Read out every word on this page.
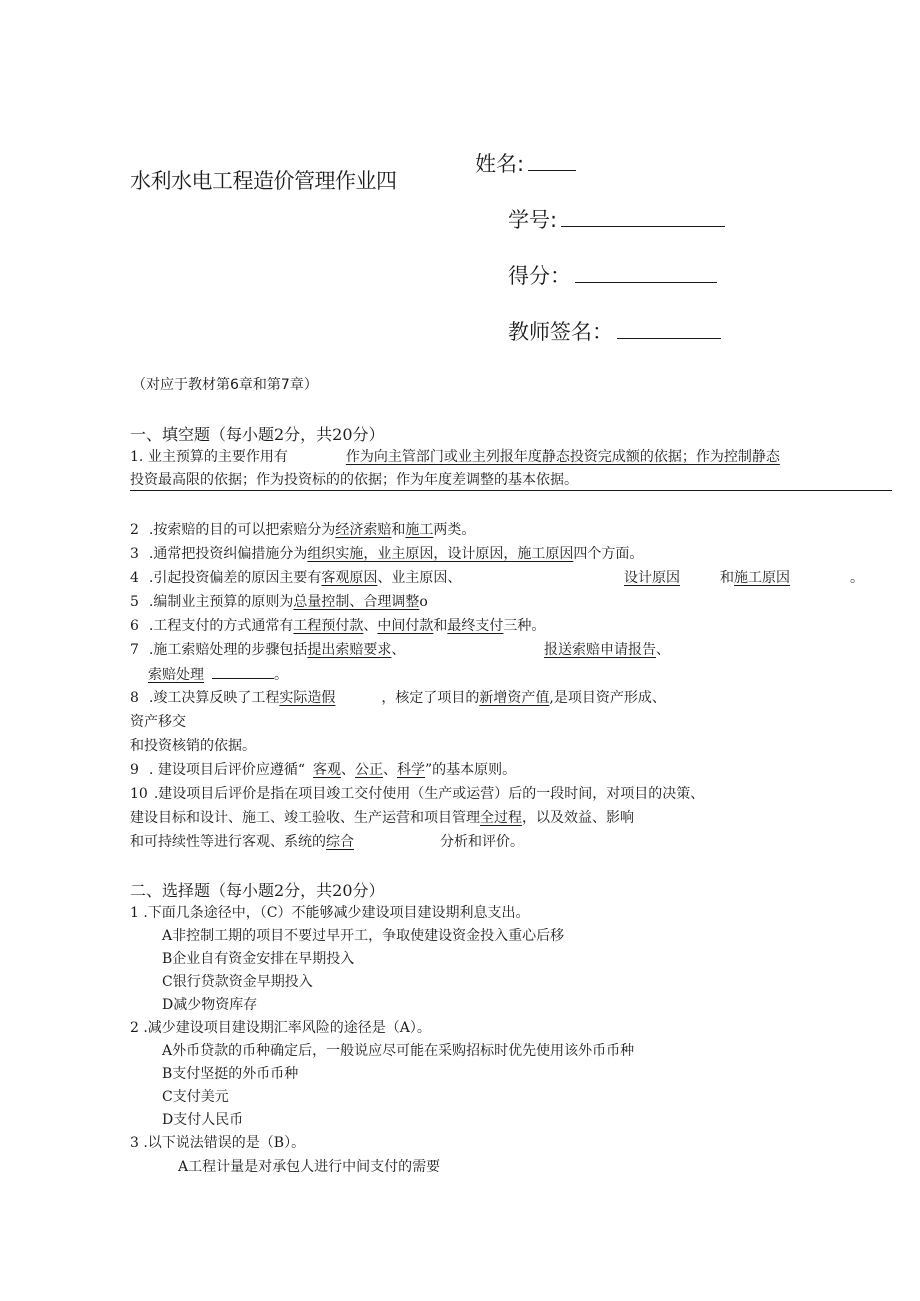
水利水电工程造价管理作业四
姓名:
学号:
得分：
教师签名：
（对应于教材第6章和第7章）
一、填空题（每小题2分，共20分）
1. 业主预算的主要作用有	作为向主管部门或业主列报年度静态投资完成额的依据；作为控制静态
投资最高限的依据；作为投资标的的依据；作为年度差调整的基本依据。
2 .按索赔的目的可以把索赔分为经济索赔和施工两类。
3 .通常把投资纠偏措施分为组织实施，业主原因，设计原因，施工原因四个方面。
4 .引起投资偏差的原因主要有客观原因、业主原因、	设计原因	和施工原因	。
5 .编制业主预算的原则为总量控制、合理调整o
6 .工程支付的方式通常有工程预付款、中间付款和最终支付三种。
7 .施工索赔处理的步骤包括提出索赔要求、	报送索赔申请报告、
索赔处理	。
8 .竣工决算反映了工程实际造假	，核定了项目的新增资产值,是项目资产形成、
资产移交
和投资核销的依据。
9 . 建设项目后评价应遵循“ 客观、公正、科学”的基本原则。
10 .建设项目后评价是指在项目竣工交付使用（生产或运营）后的一段时间，对项目的决策、
建设目标和设计、施工、竣工验收、生产运营和项目管理全过程，以及效益、影响
和可持续性等进行客观、系统的综合	分析和评价。
二、选择题（每小题2分，共20分）
1 .下面几条途径中，（C）不能够减少建设项目建设期利息支出。
A非控制工期的项目不要过早开工，争取使建设资金投入重心后移
B企业自有资金安排在早期投入
C银行贷款资金早期投入
D减少物资库存
2 .减少建设项目建设期汇率风险的途径是（A）。
A外币贷款的币种确定后，一般说应尽可能在采购招标时优先使用该外币币种
B支付坚挺的外币币种
C支付美元
D支付人民币
3 .以下说法错误的是（B）。
A工程计量是对承包人进行中间支付的需要
